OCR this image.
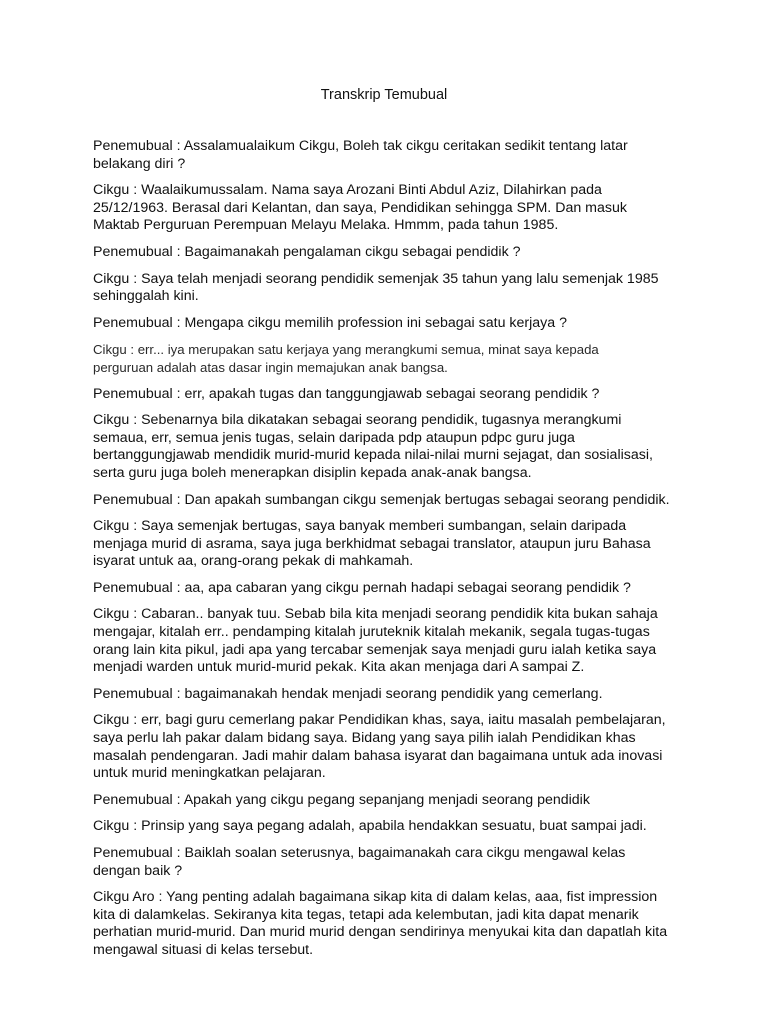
Transkrip Temubual

Penemubual : Assalamualaikum Cikgu, Boleh tak cikgu ceritakan sedikit tentang latar
belakang diri ?

Cikgu : Waalaikumussalam. Nama saya Arozani Binti Abdul Aziz, Dilahirkan pada
25/12/1963. Berasal dari Kelantan, dan saya, Pendidikan sehingga SPM. Dan masuk
Maktab Perguruan Perempuan Melayu Melaka. Hmmm, pada tahun 1985.

Penemubual : Bagaimanakah pengalaman cikgu sebagai pendidik ?

Cikgu : Saya telah menjadi seorang pendidik semenjak 35 tahun yang lalu semenjak 1985
sehinggalah kini.

Penemubual : Mengapa cikgu memilih profession ini sebagai satu kerjaya ?

Cikgu : err... iya merupakan satu kerjaya yang merangkumi semua, minat saya kepada
perguruan adalah atas dasar ingin memajukan anak bangsa.

Penemubual : err, apakah tugas dan tanggungjawab sebagai seorang pendidik ?

Cikgu : Sebenarnya bila dikatakan sebagai seorang pendidik, tugasnya merangkumi
semaua, err, semua jenis tugas, selain daripada pdp ataupun pdpc guru juga
bertanggungjawab mendidik murid-murid kepada nilai-nilai murni sejagat, dan sosialisasi,
serta guru juga boleh menerapkan disiplin kepada anak-anak bangsa.

Penemubual : Dan apakah sumbangan cikgu semenjak bertugas sebagai seorang pendidik.

Cikgu : Saya semenjak bertugas, saya banyak memberi sumbangan, selain daripada
menjaga murid di asrama, saya juga berkhidmat sebagai translator, ataupun juru Bahasa
isyarat untuk aa, orang-orang pekak di mahkamah.

Penemubual : aa, apa cabaran yang cikgu pernah hadapi sebagai seorang pendidik ?

Cikgu : Cabaran.. banyak tuu. Sebab bila kita menjadi seorang pendidik kita bukan sahaja
mengajar, kitalah err.. pendamping kitalah juruteknik kitalah mekanik, segala tugas-tugas
orang lain kita pikul, jadi apa yang tercabar semenjak saya menjadi guru ialah ketika saya
menjadi warden untuk murid-murid pekak. Kita akan menjaga dari A sampai Z.

Penemubual : bagaimanakah hendak menjadi seorang pendidik yang cemerlang.

Cikgu : err, bagi guru cemerlang pakar Pendidikan khas, saya, iaitu masalah pembelajaran,
saya perlu lah pakar dalam bidang saya. Bidang yang saya pilih ialah Pendidikan khas
masalah pendengaran. Jadi mahir dalam bahasa isyarat dan bagaimana untuk ada inovasi
untuk murid meningkatkan pelajaran.

Penemubual : Apakah yang cikgu pegang sepanjang menjadi seorang pendidik

Cikgu : Prinsip yang saya pegang adalah, apabila hendakkan sesuatu, buat sampai jadi.

Penemubual : Baiklah soalan seterusnya, bagaimanakah cara cikgu mengawal kelas
dengan baik ?

Cikgu Aro : Yang penting adalah bagaimana sikap kita di dalam kelas, aaa, fist impression
kita di dalamkelas. Sekiranya kita tegas, tetapi ada kelembutan, jadi kita dapat menarik
perhatian murid-murid. Dan murid murid dengan sendirinya menyukai kita dan dapatlah kita
mengawal situasi di kelas tersebut.
